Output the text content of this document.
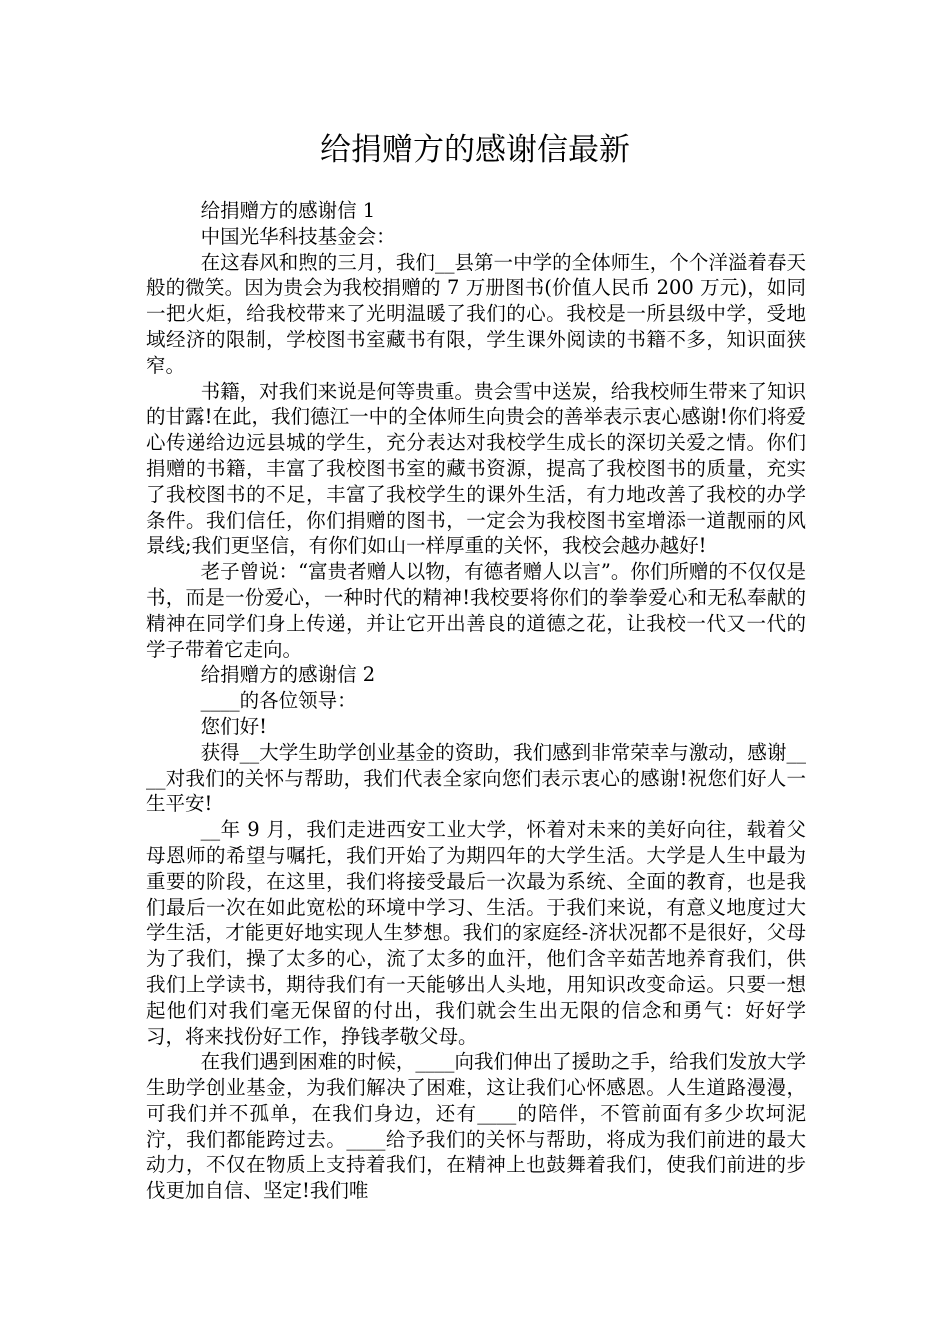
给捐赠方的感谢信最新

给捐赠方的感谢信 1

中国光华科技基金会：

在这春风和煦的三月，我们__县第一中学的全体师生，个个洋溢着春天般的微笑。因为贵会为我校捐赠的 7 万册图书(价值人民币 200 万元)，如同一把火炬，给我校带来了光明温暖了我们的心。我校是一所县级中学，受地域经济的限制，学校图书室藏书有限，学生课外阅读的书籍不多，知识面狭窄。

书籍，对我们来说是何等贵重。贵会雪中送炭，给我校师生带来了知识的甘露!在此，我们德江一中的全体师生向贵会的善举表示衷心感谢!你们将爱心传递给边远县城的学生，充分表达对我校学生成长的深切关爱之情。你们捐赠的书籍，丰富了我校图书室的藏书资源，提高了我校图书的质量，充实了我校图书的不足，丰富了我校学生的课外生活，有力地改善了我校的办学条件。我们信任，你们捐赠的图书，一定会为我校图书室增添一道靓丽的风景线;我们更坚信，有你们如山一样厚重的关怀，我校会越办越好!

老子曾说：“富贵者赠人以物，有德者赠人以言”。你们所赠的不仅仅是书，而是一份爱心，一种时代的精神!我校要将你们的拳拳爱心和无私奉献的精神在同学们身上传递，并让它开出善良的道德之花，让我校一代又一代的学子带着它走向。

给捐赠方的感谢信 2

____的各位领导：

您们好!

获得__大学生助学创业基金的资助，我们感到非常荣幸与激动，感谢____对我们的关怀与帮助，我们代表全家向您们表示衷心的感谢!祝您们好人一生平安!

__年 9 月，我们走进西安工业大学，怀着对未来的美好向往，载着父母恩师的希望与嘱托，我们开始了为期四年的大学生活。大学是人生中最为重要的阶段，在这里，我们将接受最后一次最为系统、全面的教育，也是我们最后一次在如此宽松的环境中学习、生活。于我们来说，有意义地度过大学生活，才能更好地实现人生梦想。我们的家庭经-济状况都不是很好，父母为了我们，操了太多的心，流了太多的血汗，他们含辛茹苦地养育我们，供我们上学读书，期待我们有一天能够出人头地，用知识改变命运。只要一想起他们对我们毫无保留的付出，我们就会生出无限的信念和勇气：好好学习，将来找份好工作，挣钱孝敬父母。

在我们遇到困难的时候，____向我们伸出了援助之手，给我们发放大学生助学创业基金，为我们解决了困难，这让我们心怀感恩。人生道路漫漫，可我们并不孤单，在我们身边，还有____的陪伴，不管前面有多少坎坷泥泞，我们都能跨过去。____给予我们的关怀与帮助，将成为我们前进的最大动力，不仅在物质上支持着我们，在精神上也鼓舞着我们，使我们前进的步伐更加自信、坚定!我们唯
